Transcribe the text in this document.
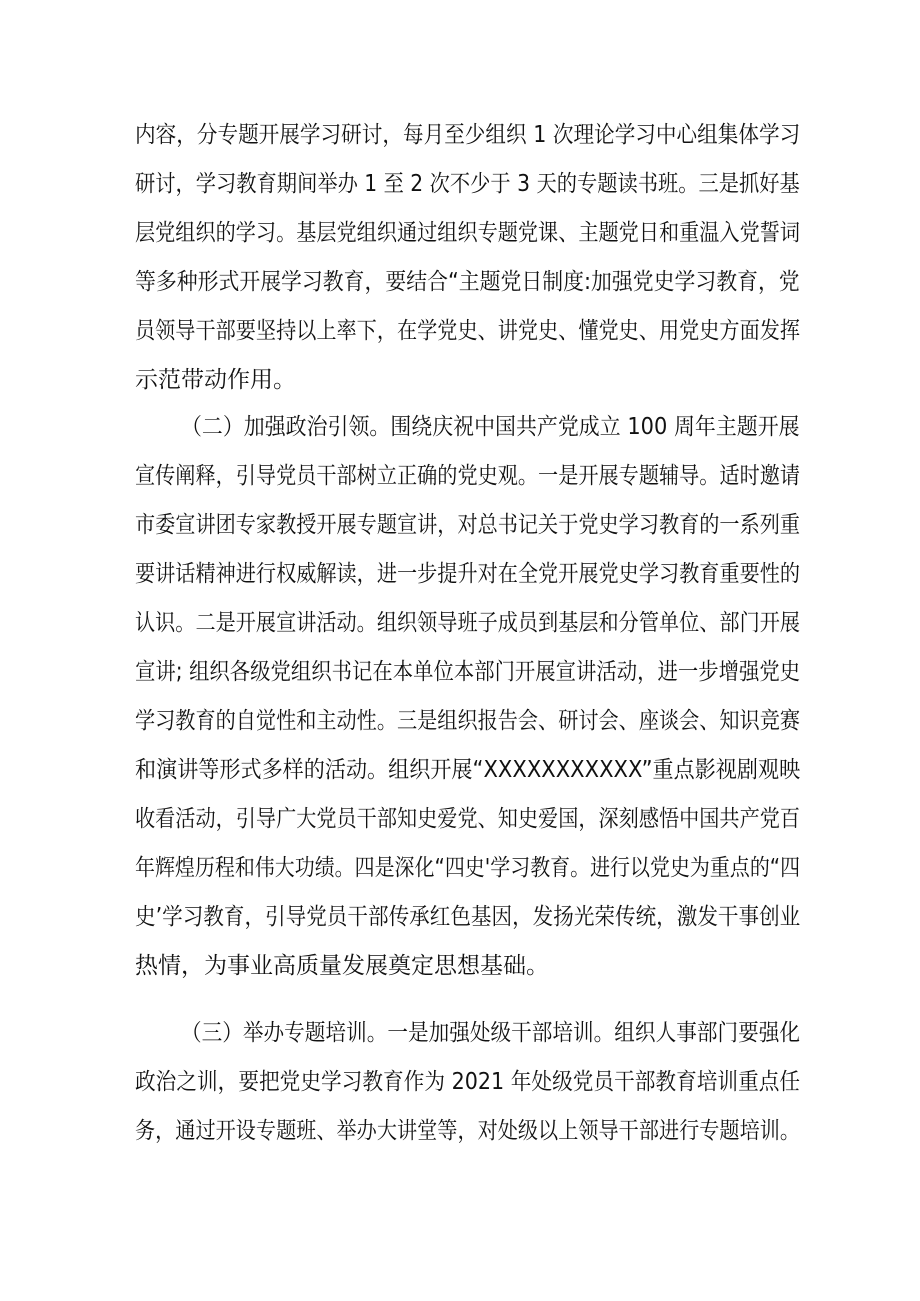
内容，分专题开展学习研讨，每月至少组织 1 次理论学习中心组集体学习
研讨，学习教育期间举办 1 至 2 次不少于 3 天的专题读书班。三是抓好基
层党组织的学习。基层党组织通过组织专题党课、主题党日和重温入党誓词
等多种形式开展学习教育，要结合“主题党日制度:加强党史学习教育，党
员领导干部要坚持以上率下，在学党史、讲党史、懂党史、用党史方面发挥
示范带动作用。
（二）加强政治引领。围绕庆祝中国共产党成立 100 周年主题开展
宣传阐释，引导党员干部树立正确的党史观。一是开展专题辅导。适时邀请
市委宣讲团专家教授开展专题宣讲，对总书记关于党史学习教育的一系列重
要讲话精神进行权威解读，进一步提升对在全党开展党史学习教育重要性的
认识。二是开展宣讲活动。组织领导班子成员到基层和分管单位、部门开展
宣讲; 组织各级党组织书记在本单位本部门开展宣讲活动，进一步增强党史
学习教育的自觉性和主动性。三是组织报告会、研讨会、座谈会、知识竞赛
和演讲等形式多样的活动。组织开展“XXXXXXXXXXX”重点影视剧观映
收看活动，引导广大党员干部知史爱党、知史爱国，深刻感悟中国共产党百
年辉煌历程和伟大功绩。四是深化“四史'学习教育。进行以党史为重点的“四
史’学习教育，引导党员干部传承红色基因，发扬光荣传统，激发干事创业
热情，为事业高质量发展奠定思想基础。
（三）举办专题培训。一是加强处级干部培训。组织人事部门要强化
政治之训，要把党史学习教育作为 2021 年处级党员干部教育培训重点任
务，通过开设专题班、举办大讲堂等，对处级以上领导干部进行专题培训。
